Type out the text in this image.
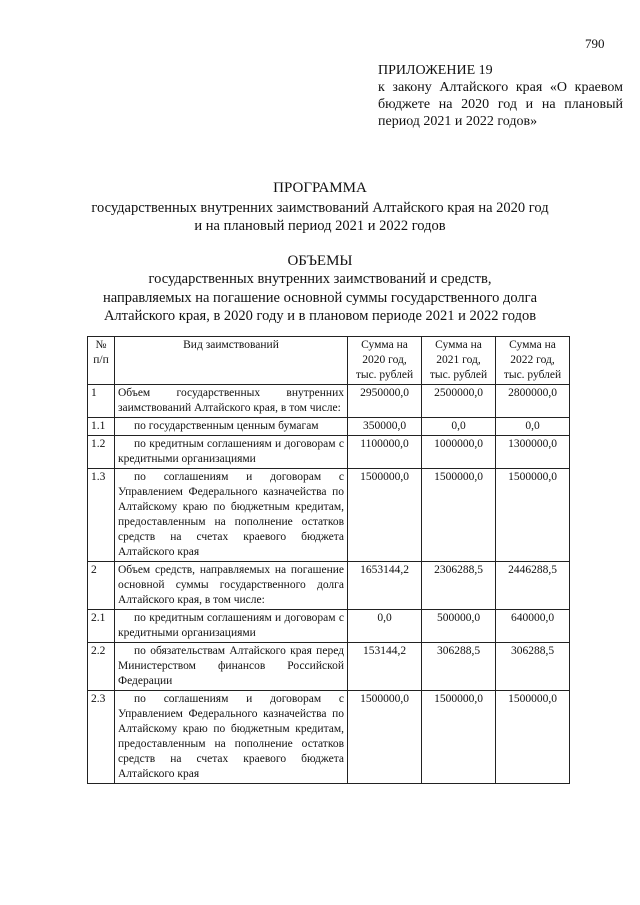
790
ПРИЛОЖЕНИЕ 19
к закону Алтайского края «О краевом бюджете на 2020 год и на плановый период 2021 и 2022 годов»
ПРОГРАММА
государственных внутренних заимствований Алтайского края на 2020 год
и на плановый период 2021 и 2022 годов
ОБЪЕМЫ
государственных внутренних заимствований и средств,
направляемых на погашение основной суммы государственного долга
Алтайского края, в 2020 году и в плановом периоде 2021 и 2022 годов
№ п/п	Вид заимствований	Сумма на 2020 год, тыс. рублей	Сумма на 2021 год, тыс. рублей	Сумма на 2022 год, тыс. рублей
1	Объем государственных внутренних заимствований Алтайского края, в том числе:	2950000,0	2500000,0	2800000,0
1.1	по государственным ценным бумагам	350000,0	0,0	0,0
1.2	по кредитным соглашениям и договорам с кредитными организациями	1100000,0	1000000,0	1300000,0
1.3	по соглашениям и договорам с Управлением Федерального казначейства по Алтайскому краю по бюджетным кредитам, предоставленным на пополнение остатков средств на счетах краевого бюджета Алтайского края	1500000,0	1500000,0	1500000,0
2	Объем средств, направляемых на погашение основной суммы государственного долга Алтайского края, в том числе:	1653144,2	2306288,5	2446288,5
2.1	по кредитным соглашениям и договорам с кредитными организациями	0,0	500000,0	640000,0
2.2	по обязательствам Алтайского края перед Министерством финансов Российской Федерации	153144,2	306288,5	306288,5
2.3	по соглашениям и договорам с Управлением Федерального казначейства по Алтайскому краю по бюджетным кредитам, предоставленным на пополнение остатков средств на счетах краевого бюджета Алтайского края	1500000,0	1500000,0	1500000,0
